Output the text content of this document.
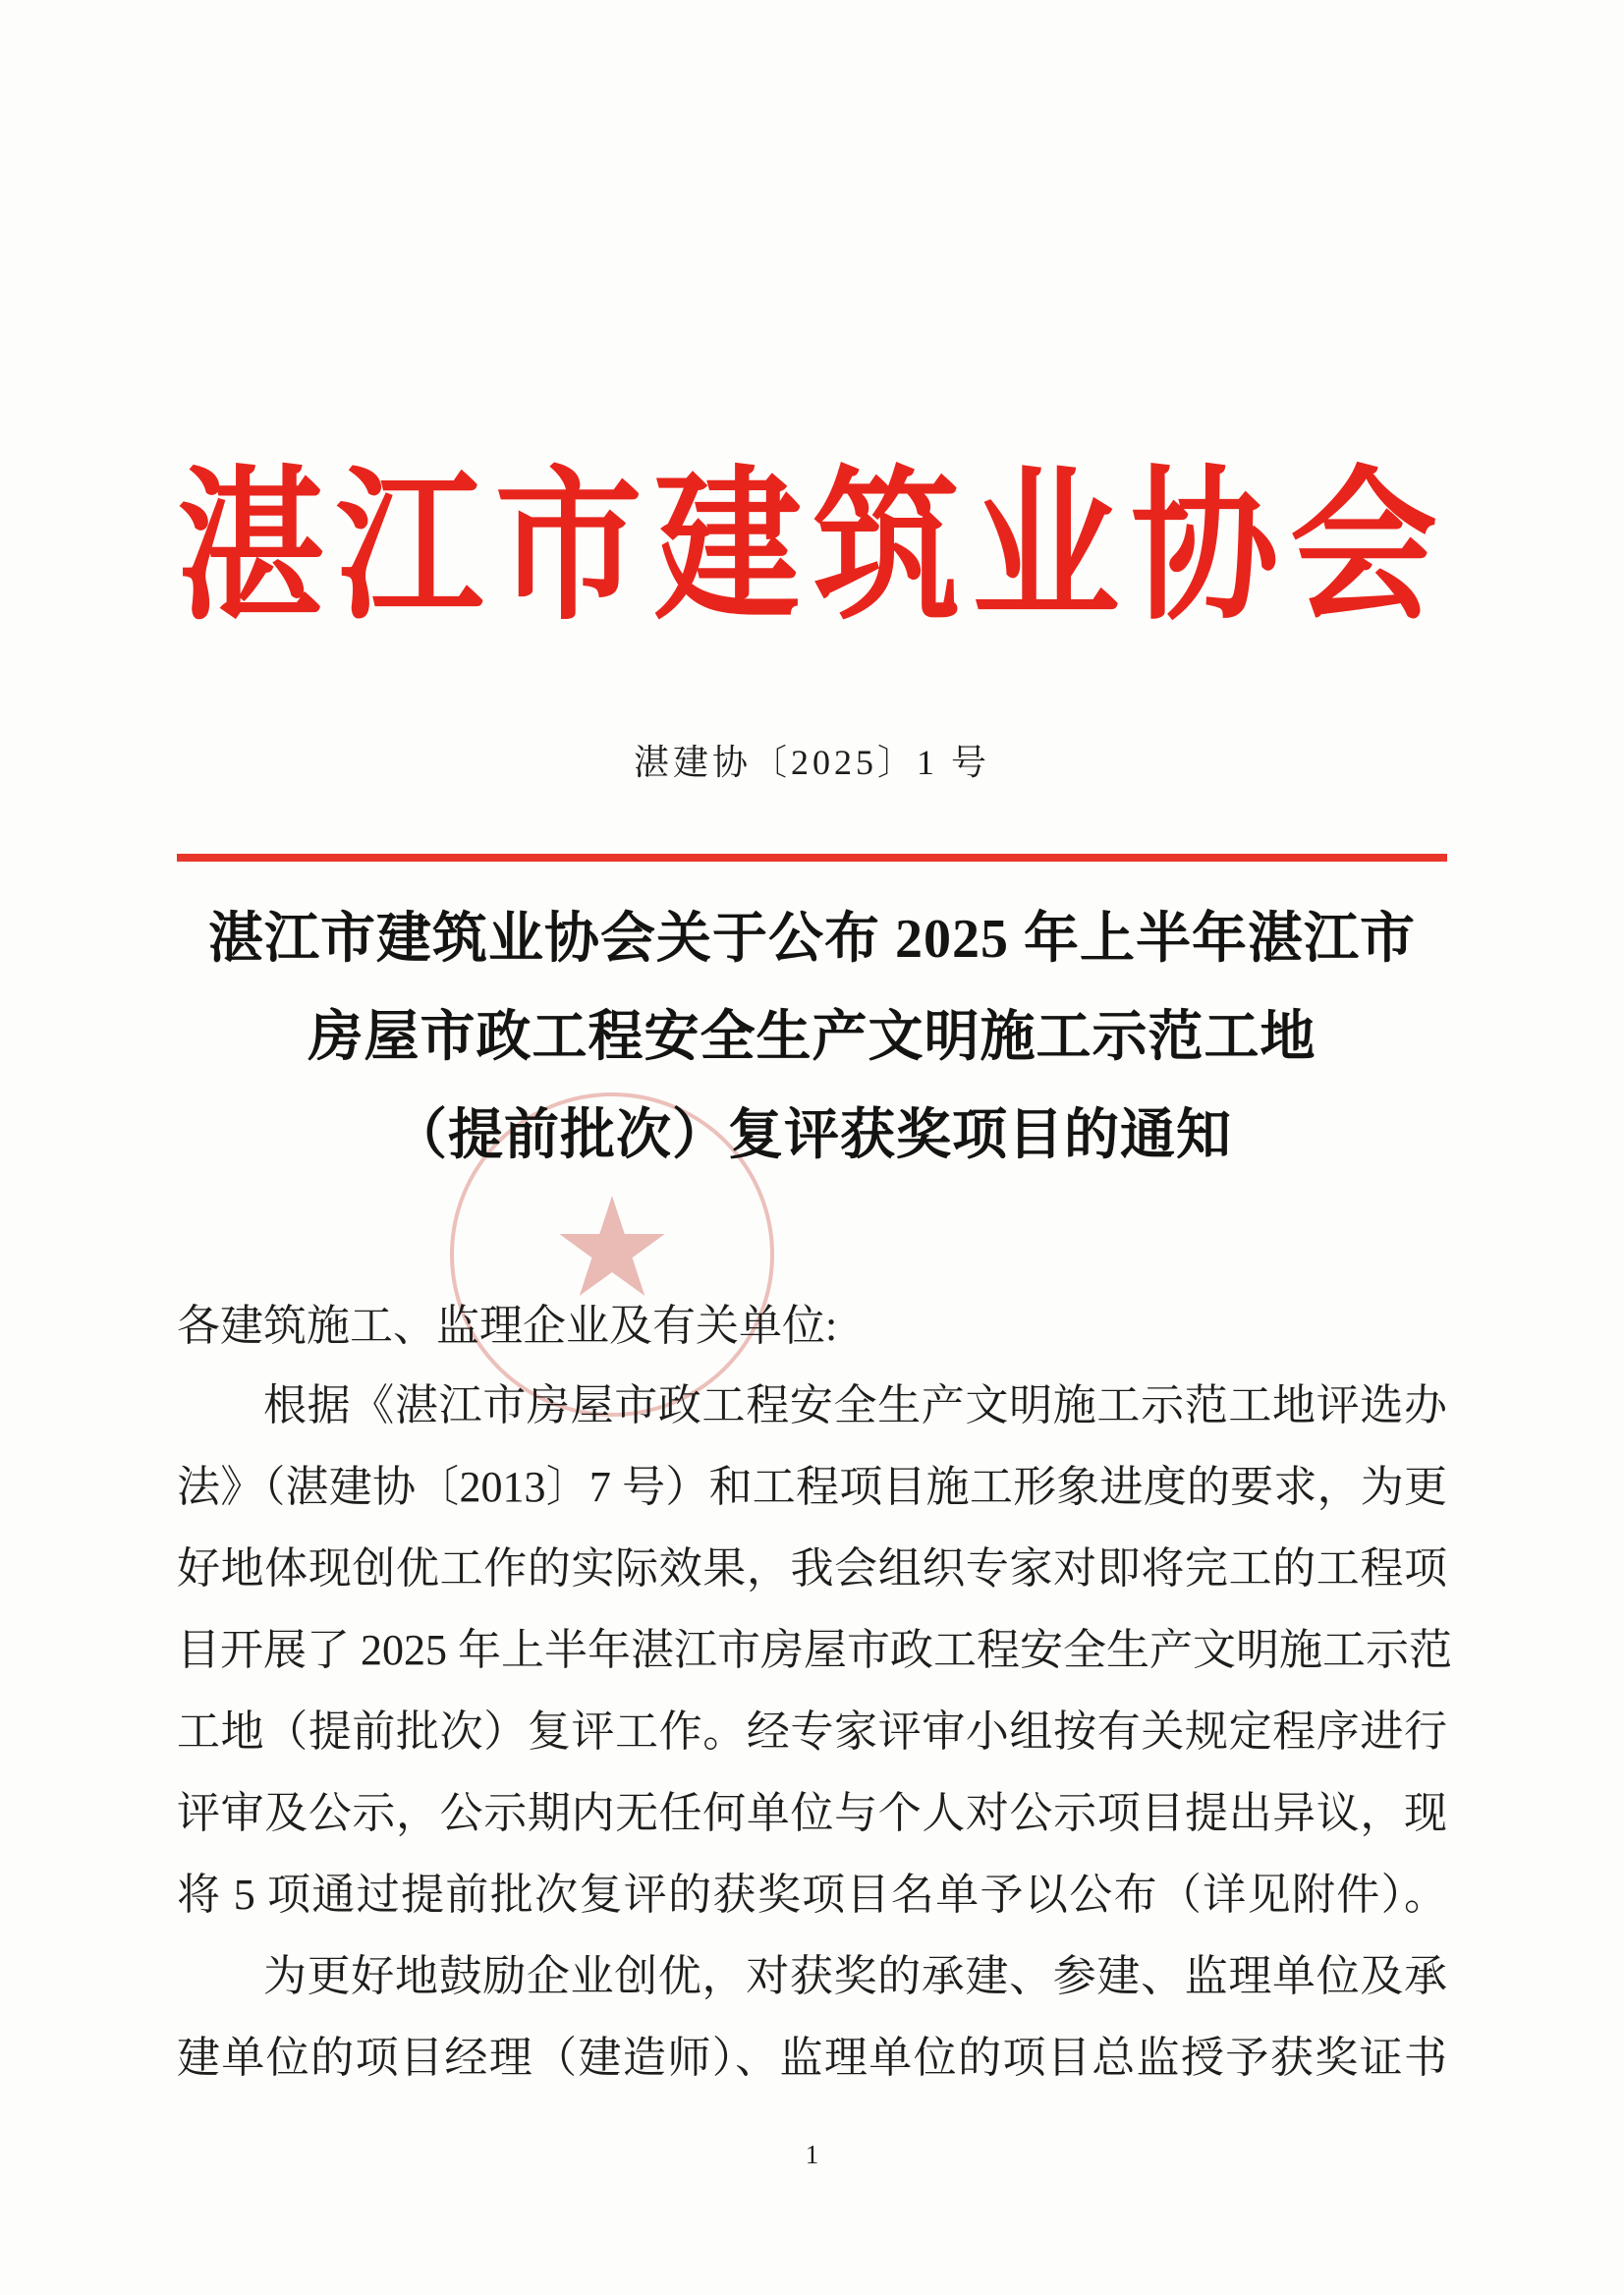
湛江市建筑业协会
湛建协〔2025〕1 号
湛江市建筑业协会关于公布 2025 年上半年湛江市
房屋市政工程安全生产文明施工示范工地
（提前批次）复评获奖项目的通知
★
各建筑施工、监理企业及有关单位:
根据《湛江市房屋市政工程安全生产文明施工示范工地评选办
法》（湛建协〔2013〕7 号）和工程项目施工形象进度的要求，为更
好地体现创优工作的实际效果，我会组织专家对即将完工的工程项
目开展了 2025 年上半年湛江市房屋市政工程安全生产文明施工示范
工地（提前批次）复评工作。经专家评审小组按有关规定程序进行
评审及公示，公示期内无任何单位与个人对公示项目提出异议，现
将 5 项通过提前批次复评的获奖项目名单予以公布（详见附件）。
为更好地鼓励企业创优，对获奖的承建、参建、监理单位及承
建单位的项目经理（建造师）、监理单位的项目总监授予获奖证书
1
